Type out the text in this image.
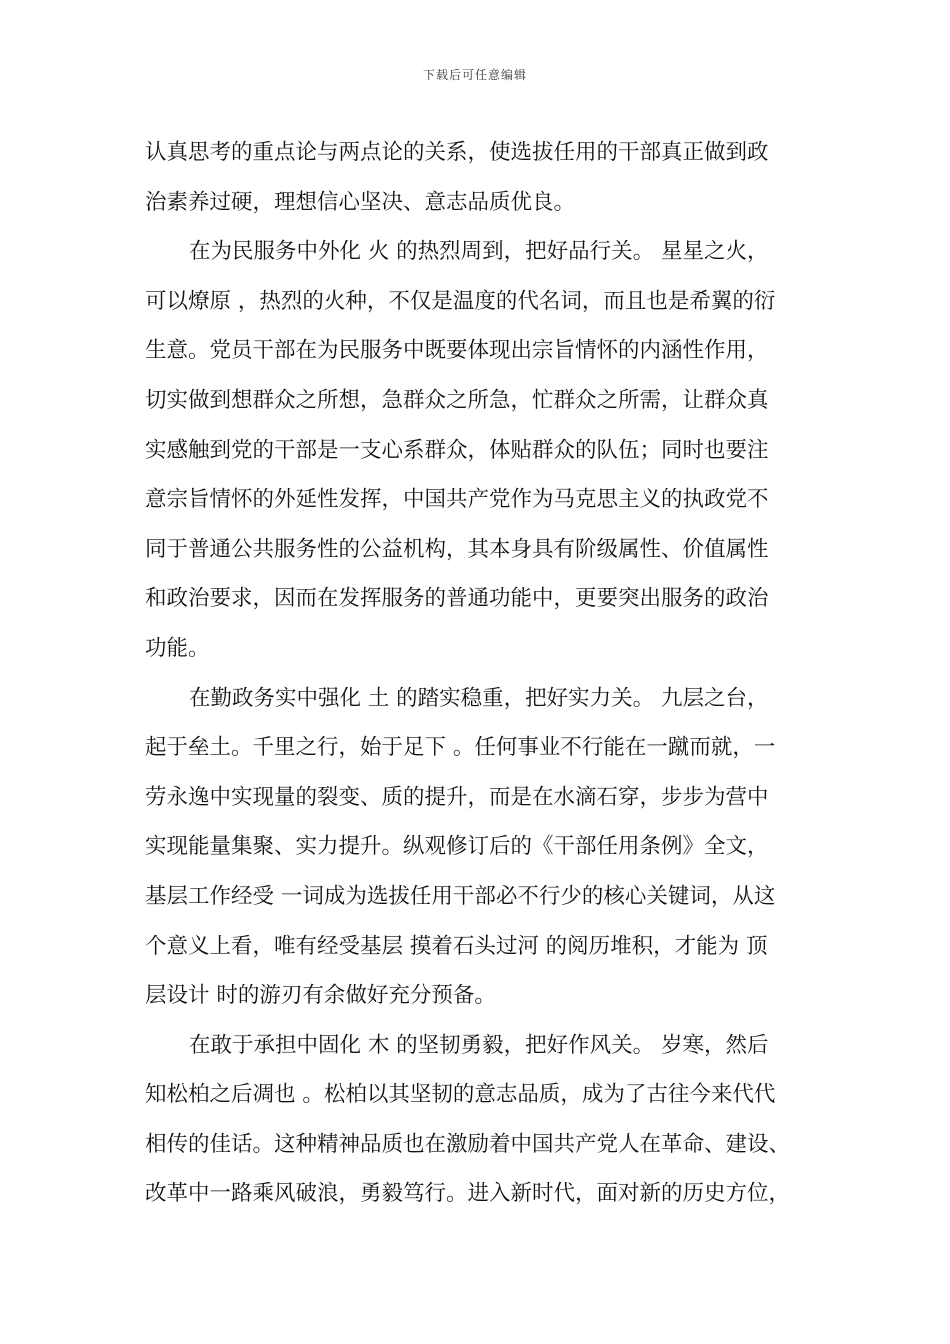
下载后可任意编辑
认真思考的重点论与两点论的关系，使选拔任用的干部真正做到政
治素养过硬，理想信心坚决、意志品质优良。
在为民服务中外化 火 的热烈周到，把好品行关。 星星之火，
可以燎原 ，热烈的火种，不仅是温度的代名词，而且也是希翼的衍
生意。党员干部在为民服务中既要体现出宗旨情怀的内涵性作用，
切实做到想群众之所想，急群众之所急，忙群众之所需，让群众真
实感触到党的干部是一支心系群众，体贴群众的队伍；同时也要注
意宗旨情怀的外延性发挥，中国共产党作为马克思主义的执政党不
同于普通公共服务性的公益机构，其本身具有阶级属性、价值属性
和政治要求，因而在发挥服务的普通功能中，更要突出服务的政治
功能。
在勤政务实中强化 土 的踏实稳重，把好实力关。 九层之台，
起于垒土。千里之行，始于足下 。任何事业不行能在一蹴而就，一
劳永逸中实现量的裂变、质的提升，而是在水滴石穿，步步为营中
实现能量集聚、实力提升。纵观修订后的《干部任用条例》全文，
基层工作经受 一词成为选拔任用干部必不行少的核心关键词，从这
个意义上看，唯有经受基层 摸着石头过河 的阅历堆积，才能为 顶
层设计 时的游刃有余做好充分预备。
在敢于承担中固化 木 的坚韧勇毅，把好作风关。 岁寒，然后
知松柏之后凋也 。松柏以其坚韧的意志品质，成为了古往今来代代
相传的佳话。这种精神品质也在激励着中国共产党人在革命、建设、
改革中一路乘风破浪，勇毅笃行。进入新时代，面对新的历史方位，
